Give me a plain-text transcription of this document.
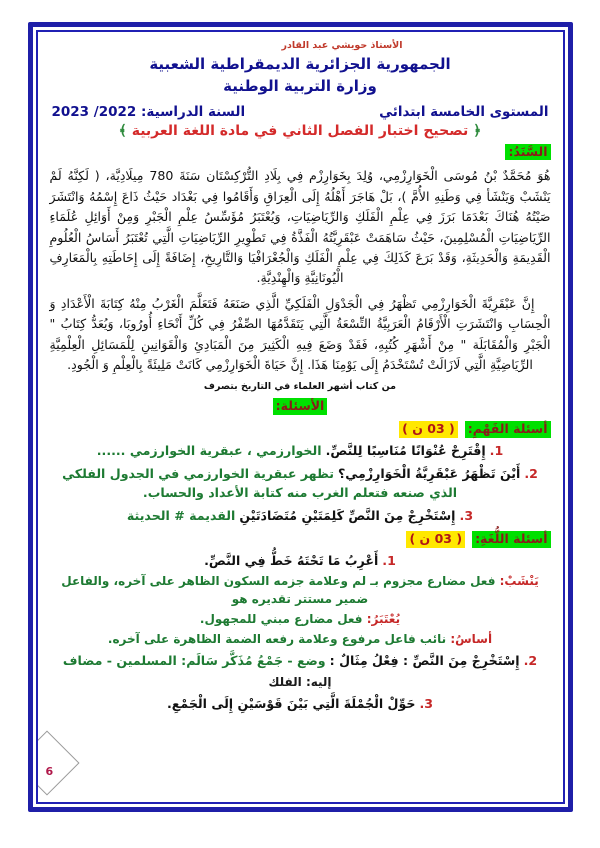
الأستاذ حويشي عبد القادر
الجمهورية الجزائرية الديمقراطية الشعبية
وزارة التربية الوطنية
المستوى الخامسة ابتدائي
السنة الدراسية: 2022/ 2023
﴿ تصحيح اختبار الفصل الثاني في مادة اللغة العربية ﴾
السَّنَدُ:
هُوَ مُحَمَّدٌ بْنُ مُوسَى الْخَوَارِزْمِي، وُلِدَ بِخَوَارِزْم فِي بِلَادِ التُّرْكِسْتَان سَنَةَ 780 مِيلَادِيَّة، ( لَكِنَّهُ لَمْ يَنْشَبْ وَيَنْشَأ فِي وَطَنِهِ الأُمَّ )، بَلْ هَاجَرَ أَهْلُهُ إِلَى الْعِرَاقِ وَأَقَامُوا فِي بَغْدَاد حَيْثُ ذَاعَ إِسْمُهُ وَانْتَشَرَ صَيْتُهُ هُنَاكَ بَعْدَمَا بَرَزَ فِي عِلْمِ الْفَلَكِ وَالرِّيَاضِيَاتِ، وَيُعْتَبَرُ مُؤَسِّسُ عِلْمِ الْجَبْرِ وَمِنْ أَوَائِلِ عُلَمَاءِ الرِّيَاضِيَاتِ الْمُسْلِمِينَ، حَيْثُ سَاهَمَتْ عَبْقَرِيَّتُهُ الْفَذَّةُ فِي تَطْوِيرِ الرِّيَاضِيَاتِ الَّتِي تُعْتَبَرُ أَسَاسُ الْعُلُومِ الْقَدِيمَةِ وَالْحَدِيثَةِ، وَقَدْ بَرَعَ كَذَلِكَ فِي عِلْمِ الْفَلَكِ وَالْجُغْرَافْيَا وَالتَّارِيخِ، إِضَافَةً إِلَى إِحَاطَتِهِ بِالْمَعَارِفِ الْيُونَانِيَّةِ وَالْهِنْدِيَّةِ.
إِنَّ عَبْقَرِيَّةَ الْخَوَارِزْمِي تَظْهَرُ فِي الْجَدْوَلِ الْفَلَكِيِّ الَّذِي صَنَعَهُ فَتَعَلَّمَ الْغَرْبُ مِنْهُ كِتَابَةَ الْأَعْدَادِ وَ الْحِسَابِ وَانْتَشَرَتِ الْأَرْقَامُ الْعَرَبِيَّةُ التِّسْعَةُ الَّتِي يَتَقَدَّمُهَا الصِّفْرُ فِي كُلِّ أَنْحَاءِ أُورُوبَا، وَيُعَدُّ كِتَابُ " الْجَبْرِ وَالْمُقَابَلَة " مِنْ أَشْهَرِ كُتُبِهِ، فَقَدْ وَضَعَ فِيهِ الْكَثِيرَ مِنَ الْمَبَادِئِ وَالْقَوَانِينِ لِلْمَسَائِلِ الْعِلْمِيَّةِ الرِّيَاضِيَّةِ الَّتِي لَازَالَتْ تُسْتَخْدَمُ إِلَى يَوْمِنَا هَذَا. إِنَّ حَيَاةَ الْخَوَارِزْمِي كَانَتْ مَلِيئَةً بِالْعِلْمِ وَ الْجُودِ.
من كتاب أشهر العلماء في التاريخ بتصرف
الأسئلة:
أسئلة الفَهْمِ:
( 03 ن )
1. إِقْتَرِحْ عُنْوَانًا مُنَاسِبًا لِلنَّصِّ. الخوارزمي ، عبقرية الخوارزمي ......
2. أَيْنَ تَظْهَرُ عَبْقَرِيَّةُ الْخَوَارِزْمِي؟ تظهر عبقرية الخوارزمي في الجدول الفلكي الذي صنعه فتعلم الغرب منه كتابة الأعداد والحساب.
3. إِسْتَخْرِجْ مِنَ النَّصِّ كَلِمَتَيْنِ مُتَضَادَتَيْنِ القديمة # الحديثة
أسئلة اللُّغَةِ:
( 03 ن )
1. أَعْرِبُ مَا تَحْتَهُ خَطُّ فِي النَّصِّ.
يَنْشَبْ: فعل مضارع مجزوم بـ لم وعلامة جزمه السكون الظاهر على آخره، والفاعل ضمير مستتر تقديره هو
يُعْتَبَرُ: فعل مضارع مبني للمجهول.
أساسُ: نائب فاعل مرفوع وعلامة رفعه الضمة الظاهرة على آخره.
2. إِسْتَخْرِجْ مِنَ النَّصِّ : فِعْلُ مِثَالٌ : وضع - جَمْعُ مُذَكَّر سَالَم: المسلمين - مضاف
إليه: الفلك
3. حَوِّلْ الْجُمْلَةَ الَّتِي بَيْنَ قَوْسَيْنِ إِلَى الْجَمْعِ.
6
